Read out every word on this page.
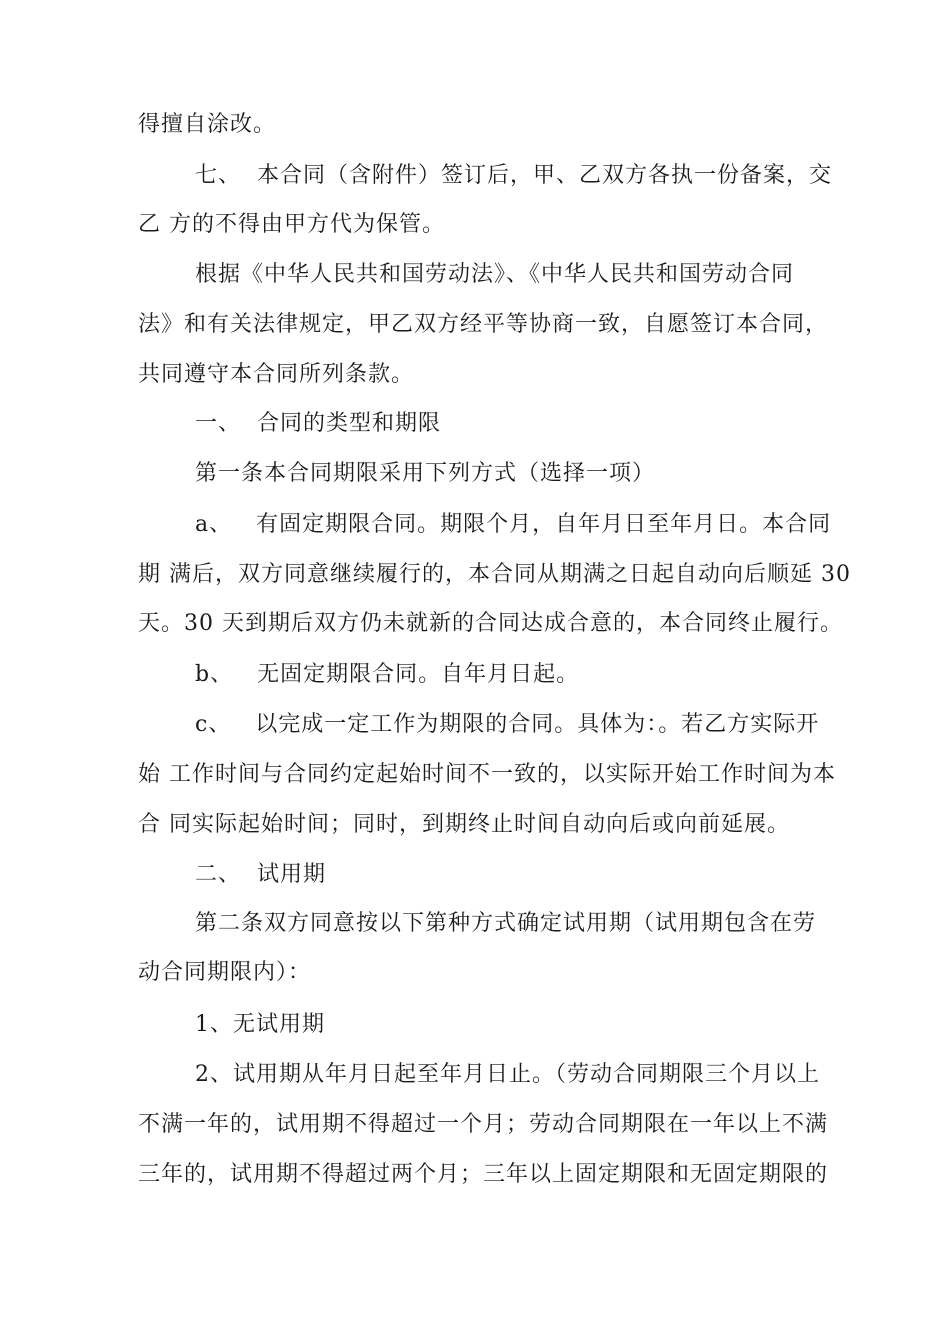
得擅自涂改。
七、  本合同（含附件）签订后，甲、乙双方各执一份备案，交
乙 方的不得由甲方代为保管。
根据《中华人民共和国劳动法》、《中华人民共和国劳动合同
法》和有关法律规定，甲乙双方经平等协商一致，自愿签订本合同，
共同遵守本合同所列条款。
一、  合同的类型和期限
第一条本合同期限采用下列方式（选择一项）
a、   有固定期限合同。期限个月，自年月日至年月日。本合同
期 满后，双方同意继续履行的，本合同从期满之日起自动向后顺延 30
天。30 天到期后双方仍未就新的合同达成合意的，本合同终止履行。
b、   无固定期限合同。自年月日起。
c、   以完成一定工作为期限的合同。具体为：。若乙方实际开
始 工作时间与合同约定起始时间不一致的，以实际开始工作时间为本
合 同实际起始时间；同时，到期终止时间自动向后或向前延展。
二、  试用期
第二条双方同意按以下第种方式确定试用期（试用期包含在劳
动合同期限内）：
1、无试用期
2、试用期从年月日起至年月日止。（劳动合同期限三个月以上
不满一年的，试用期不得超过一个月；劳动合同期限在一年以上不满
三年的，试用期不得超过两个月；三年以上固定期限和无固定期限的
